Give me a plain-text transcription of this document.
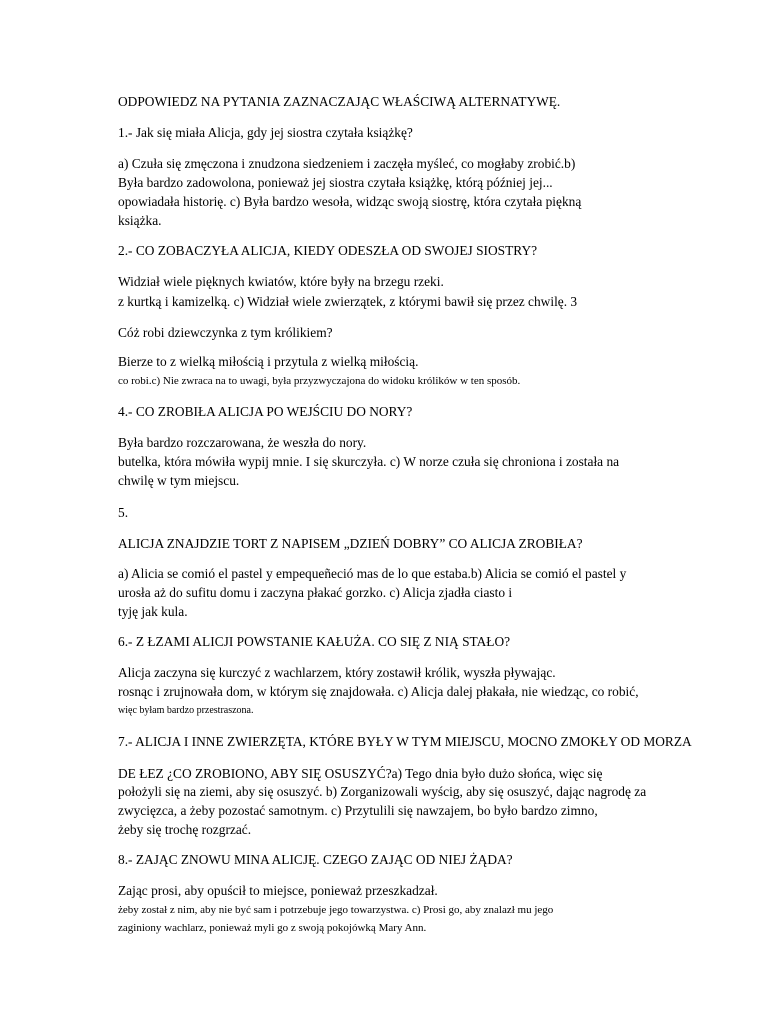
ODPOWIEDZ NA PYTANIA ZAZNACZAJĄC WŁAŚCIWĄ ALTERNATYWĘ.
1.- Jak się miała Alicja, gdy jej siostra czytała książkę?
a) Czuła się zmęczona i znudzona siedzeniem i zaczęła myśleć, co mogłaby zrobić.b)
Była bardzo zadowolona, ponieważ jej siostra czytała książkę, którą później jej...
opowiadała historię. c) Była bardzo wesoła, widząc swoją siostrę, która czytała piękną
książka.
2.- CO ZOBACZYŁA ALICJA, KIEDY ODESZŁA OD SWOJEJ SIOSTRY?
Widział wiele pięknych kwiatów, które były na brzegu rzeki.
z kurtką i kamizelką. c) Widział wiele zwierzątek, z którymi bawił się przez chwilę. 3
Cóż robi dziewczynka z tym królikiem?
Bierze to z wielką miłością i przytula z wielką miłością.
co robi.c) Nie zwraca na to uwagi, była przyzwyczajona do widoku królików w ten sposób.
4.- CO ZROBIŁA ALICJA PO WEJŚCIU DO NORY?
Była bardzo rozczarowana, że weszła do nory.
butelka, która mówiła wypij mnie. I się skurczyła. c) W norze czuła się chroniona i została na
chwilę w tym miejscu.
5.
ALICJA ZNAJDZIE TORT Z NAPISEM „DZIEŃ DOBRY” CO ALICJA ZROBIŁA?
a) Alicia se comió el pastel y empequeñeció mas de lo que estaba.b) Alicia se comió el pastel y
urosła aż do sufitu domu i zaczyna płakać gorzko. c) Alicja zjadła ciasto i
tyję jak kula.
6.- Z ŁZAMI ALICJI POWSTANIE KAŁUŻA. CO SIĘ Z NIĄ STAŁO?
Alicja zaczyna się kurczyć z wachlarzem, który zostawił królik, wyszła pływając.
rosnąc i zrujnowała dom, w którym się znajdowała. c) Alicja dalej płakała, nie wiedząc, co robić,
więc byłam bardzo przestraszona.
7.- ALICJA I INNE ZWIERZĘTA, KTÓRE BYŁY W TYM MIEJSCU, MOCNO ZMOKŁY OD MORZA
DE ŁEZ ¿CO ZROBIONO, ABY SIĘ OSUSZYĆ?a) Tego dnia było dużo słońca, więc się
położyli się na ziemi, aby się osuszyć. b) Zorganizowali wyścig, aby się osuszyć, dając nagrodę za
zwycięzca, a żeby pozostać samotnym. c) Przytulili się nawzajem, bo było bardzo zimno,
żeby się trochę rozgrzać.
8.- ZAJĄC ZNOWU MINA ALICJĘ. CZEGO ZAJĄC OD NIEJ ŻĄDA?
Zając prosi, aby opuścił to miejsce, ponieważ przeszkadzał.
żeby został z nim, aby nie być sam i potrzebuje jego towarzystwa. c) Prosi go, aby znalazł mu jego
zaginiony wachlarz, ponieważ myli go z swoją pokojówką Mary Ann.
